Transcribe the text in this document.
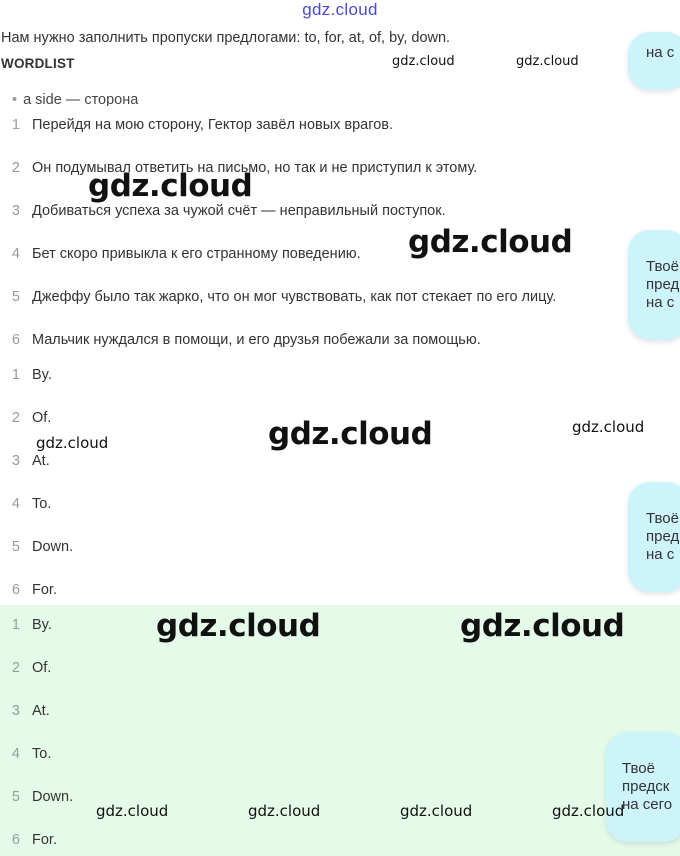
gdz.cloud
Нам нужно заполнить пропуски предлогами: to, for, at, of, by, down.
WORDLIST
• a side — сторона
1 Перейдя на мою сторону, Гектор завёл новых врагов.
2 Он подумывал ответить на письмо, но так и не приступил к этому.
3 Добиваться успеха за чужой счёт — неправильный поступок.
4 Бет скоро привыкла к его странному поведению.
5 Джеффу было так жарко, что он мог чувствовать, как пот стекает по его лицу.
6 Мальчик нуждался в помощи, и его друзья побежали за помощью.
1 By.
2 Of.
3 At.
4 To.
5 Down.
6 For.
1 By.
2 Of.
3 At.
4 To.
5 Down.
6 For.
на с
Твоё
пред
на с
Твоё
пред
на с
Твоё
предск
на сего
gdz.cloud	gdz.cloud
gdz.cloud
gdz.cloud
gdz.cloud	gdz.cloud	gdz.cloud
gdz.cloud	gdz.cloud
gdz.cloud	gdz.cloud	gdz.cloud	gdz.cloud
